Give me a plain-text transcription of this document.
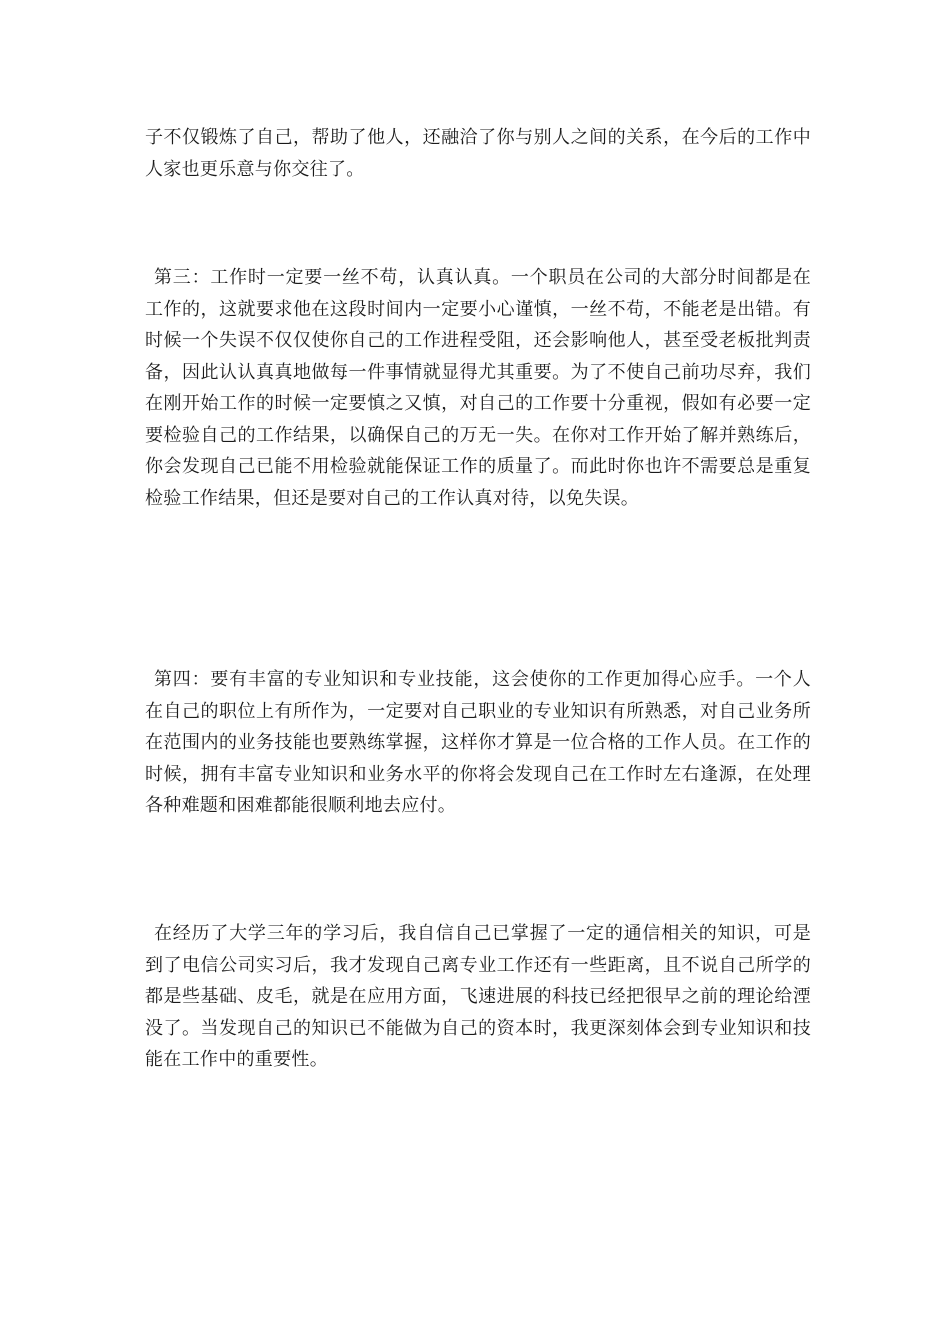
子不仅锻炼了自己，帮助了他人，还融洽了你与别人之间的关系，在今后的工作中人家也更乐意与你交往了。

第三：工作时一定要一丝不苟，认真认真。一个职员在公司的大部分时间都是在工作的，这就要求他在这段时间内一定要小心谨慎，一丝不苟，不能老是出错。有时候一个失误不仅仅使你自己的工作进程受阻，还会影响他人，甚至受老板批判责备，因此认认真真地做每一件事情就显得尤其重要。为了不使自己前功尽弃，我们在刚开始工作的时候一定要慎之又慎，对自己的工作要十分重视，假如有必要一定要检验自己的工作结果，以确保自己的万无一失。在你对工作开始了解并熟练后，你会发现自己已能不用检验就能保证工作的质量了。而此时你也许不需要总是重复检验工作结果，但还是要对自己的工作认真对待，以免失误。

第四：要有丰富的专业知识和专业技能，这会使你的工作更加得心应手。一个人在自己的职位上有所作为，一定要对自己职业的专业知识有所熟悉，对自己业务所在范围内的业务技能也要熟练掌握，这样你才算是一位合格的工作人员。在工作的时候，拥有丰富专业知识和业务水平的你将会发现自己在工作时左右逢源，在处理各种难题和困难都能很顺利地去应付。

在经历了大学三年的学习后，我自信自己已掌握了一定的通信相关的知识，可是到了电信公司实习后，我才发现自己离专业工作还有一些距离，且不说自己所学的都是些基础、皮毛，就是在应用方面，飞速进展的科技已经把很早之前的理论给湮没了。当发现自己的知识已不能做为自己的资本时，我更深刻体会到专业知识和技能在工作中的重要性。
